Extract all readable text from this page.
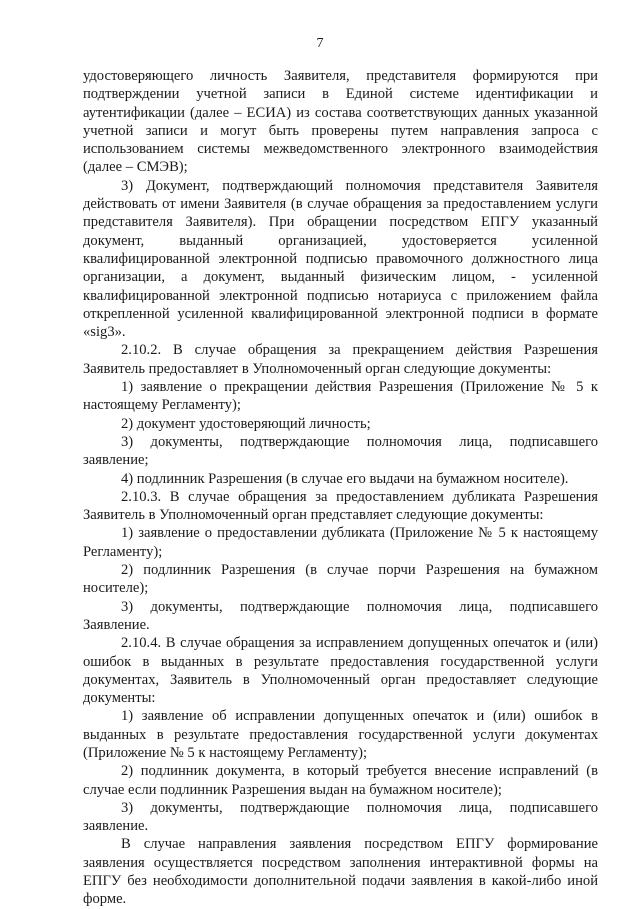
7

удостоверяющего личность Заявителя, представителя формируются при подтверждении учетной записи в Единой системе идентификации и аутентификации (далее – ЕСИА) из состава соответствующих данных указанной учетной записи и могут быть проверены путем направления запроса с использованием системы межведомственного электронного взаимодействия (далее – СМЭВ);

3) Документ, подтверждающий полномочия представителя Заявителя действовать от имени Заявителя (в случае обращения за предоставлением услуги представителя Заявителя). При обращении посредством ЕПГУ указанный документ, выданный организацией, удостоверяется усиленной квалифицированной электронной подписью правомочного должностного лица организации, а документ, выданный физическим лицом, - усиленной квалифицированной электронной подписью нотариуса с приложением файла открепленной усиленной квалифицированной электронной подписи в формате «sig3».

2.10.2. В случае обращения за прекращением действия Разрешения Заявитель предоставляет в Уполномоченный орган следующие документы:

1) заявление о прекращении действия Разрешения (Приложение № 5 к настоящему Регламенту);

2) документ удостоверяющий личность;

3) документы, подтверждающие полномочия лица, подписавшего заявление;

4) подлинник Разрешения (в случае его выдачи на бумажном носителе).

2.10.3. В случае обращения за предоставлением дубликата Разрешения Заявитель в Уполномоченный орган представляет следующие документы:

1) заявление о предоставлении дубликата (Приложение № 5 к настоящему Регламенту);

2) подлинник Разрешения (в случае порчи Разрешения на бумажном носителе);

3) документы, подтверждающие полномочия лица, подписавшего Заявление.

2.10.4. В случае обращения за исправлением допущенных опечаток и (или) ошибок в выданных в результате предоставления государственной услуги документах, Заявитель в Уполномоченный орган предоставляет следующие документы:

1) заявление об исправлении допущенных опечаток и (или) ошибок в выданных в результате предоставления государственной услуги документах (Приложение № 5 к настоящему Регламенту);

2) подлинник документа, в который требуется внесение исправлений (в случае если подлинник Разрешения выдан на бумажном носителе);

3) документы, подтверждающие полномочия лица, подписавшего заявление.

В случае направления заявления посредством ЕПГУ формирование заявления осуществляется посредством заполнения интерактивной формы на ЕПГУ без необходимости дополнительной подачи заявления в какой-либо иной форме.
